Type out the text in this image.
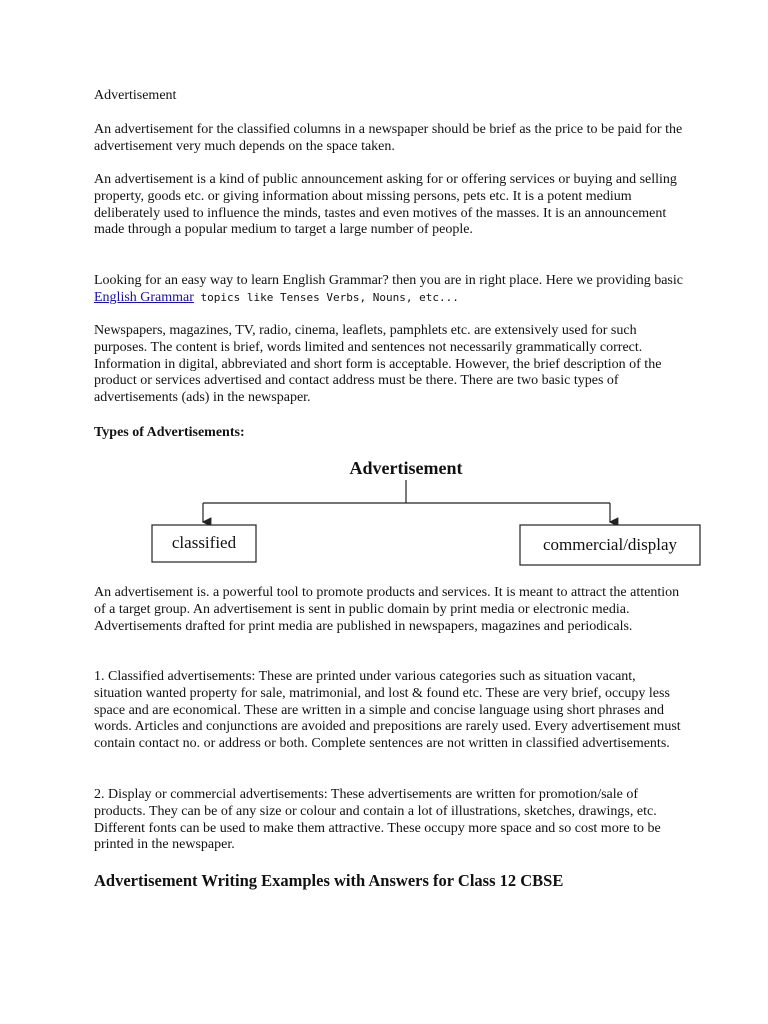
Advertisement

An advertisement for the classified columns in a newspaper should be brief as the price to be paid for the advertisement very much depends on the space taken.

An advertisement is a kind of public announcement asking for or offering services or buying and selling property, goods etc. or giving information about missing persons, pets etc. It is a potent medium deliberately used to influence the minds, tastes and even motives of the masses. It is an announcement made through a popular medium to target a large number of people.

Looking for an easy way to learn English Grammar? then you are in right place. Here we providing basic English Grammar topics like Tenses Verbs, Nouns, etc...

Newspapers, magazines, TV, radio, cinema, leaflets, pamphlets etc. are extensively used for such purposes. The content is brief, words limited and sentences not necessarily grammatically correct. Information in digital, abbreviated and short form is acceptable. However, the brief description of the product or services advertised and contact address must be there. There are two basic types of advertisements (ads) in the newspaper.

Types of Advertisements:

Advertisement
classified	commercial/display

An advertisement is. a powerful tool to promote products and services. It is meant to attract the attention of a target group. An advertisement is sent in public domain by print media or electronic media. Advertisements drafted for print media are published in newspapers, magazines and periodicals.

1. Classified advertisements: These are printed under various categories such as situation vacant, situation wanted property for sale, matrimonial, and lost & found etc. These are very brief, occupy less space and are economical. These are written in a simple and concise language using short phrases and words. Articles and conjunctions are avoided and prepositions are rarely used. Every advertisement must contain contact no. or address or both. Complete sentences are not written in classified advertisements.

2. Display or commercial advertisements: These advertisements are written for promotion/sale of products. They can be of any size or colour and contain a lot of illustrations, sketches, drawings, etc. Different fonts can be used to make them attractive. These occupy more space and so cost more to be printed in the newspaper.

Advertisement Writing Examples with Answers for Class 12 CBSE
